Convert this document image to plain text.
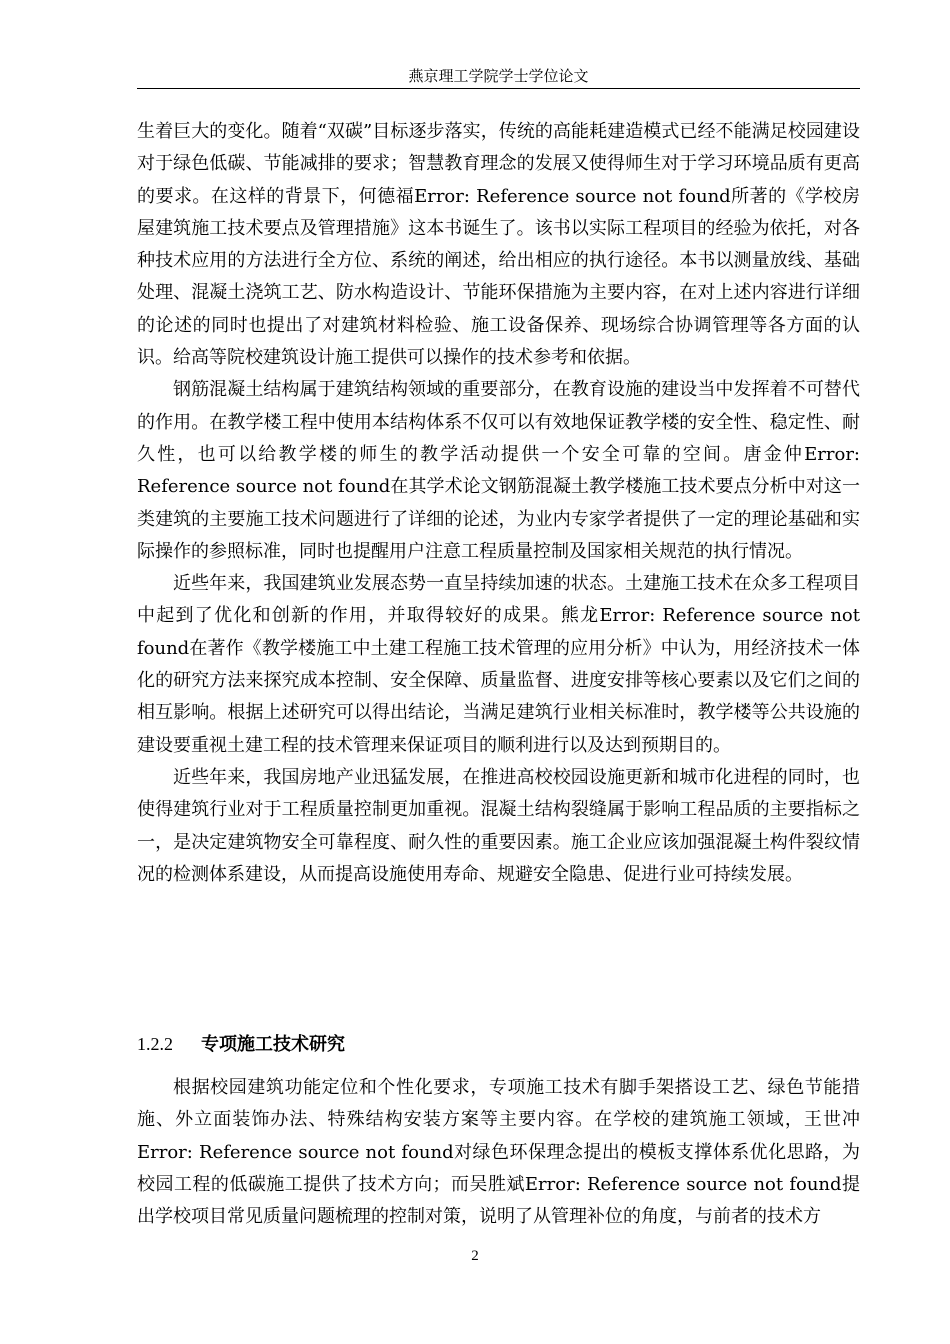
燕京理工学院学士学位论文

生着巨大的变化。随着“双碳”目标逐步落实，传统的高能耗建造模式已经不能满足校园建设对于绿色低碳、节能减排的要求；智慧教育理念的发展又使得师生对于学习环境品质有更高的要求。在这样的背景下，何德福Error: Reference source not found所著的《学校房屋建筑施工技术要点及管理措施》这本书诞生了。该书以实际工程项目的经验为依托，对各种技术应用的方法进行全方位、系统的阐述，给出相应的执行途径。本书以测量放线、基础处理、混凝土浇筑工艺、防水构造设计、节能环保措施为主要内容，在对上述内容进行详细的论述的同时也提出了对建筑材料检验、施工设备保养、现场综合协调管理等各方面的认识。给高等院校建筑设计施工提供可以操作的技术参考和依据。

钢筋混凝土结构属于建筑结构领域的重要部分，在教育设施的建设当中发挥着不可替代的作用。在教学楼工程中使用本结构体系不仅可以有效地保证教学楼的安全性、稳定性、耐久性，也可以给教学楼的师生的教学活动提供一个安全可靠的空间。唐金仲Error: Reference source not found在其学术论文钢筋混凝土教学楼施工技术要点分析中对这一类建筑的主要施工技术问题进行了详细的论述，为业内专家学者提供了一定的理论基础和实际操作的参照标准，同时也提醒用户注意工程质量控制及国家相关规范的执行情况。

近些年来，我国建筑业发展态势一直呈持续加速的状态。土建施工技术在众多工程项目中起到了优化和创新的作用，并取得较好的成果。熊龙Error: Reference source not found在著作《教学楼施工中土建工程施工技术管理的应用分析》中认为，用经济技术一体化的研究方法来探究成本控制、安全保障、质量监督、进度安排等核心要素以及它们之间的相互影响。根据上述研究可以得出结论，当满足建筑行业相关标准时，教学楼等公共设施的建设要重视土建工程的技术管理来保证项目的顺利进行以及达到预期目的。

近些年来，我国房地产业迅猛发展，在推进高校校园设施更新和城市化进程的同时，也使得建筑行业对于工程质量控制更加重视。混凝土结构裂缝属于影响工程品质的主要指标之一，是决定建筑物安全可靠程度、耐久性的重要因素。施工企业应该加强混凝土构件裂纹情况的检测体系建设，从而提高设施使用寿命、规避安全隐患、促进行业可持续发展。

1.2.2 专项施工技术研究

根据校园建筑功能定位和个性化要求，专项施工技术有脚手架搭设工艺、绿色节能措施、外立面装饰办法、特殊结构安装方案等主要内容。在学校的建筑施工领域，王世冲Error: Reference source not found对绿色环保理念提出的模板支撑体系优化思路，为校园工程的低碳施工提供了技术方向；而吴胜斌Error: Reference source not found提出学校项目常见质量问题梳理的控制对策，说明了从管理补位的角度，与前者的技术方

2
